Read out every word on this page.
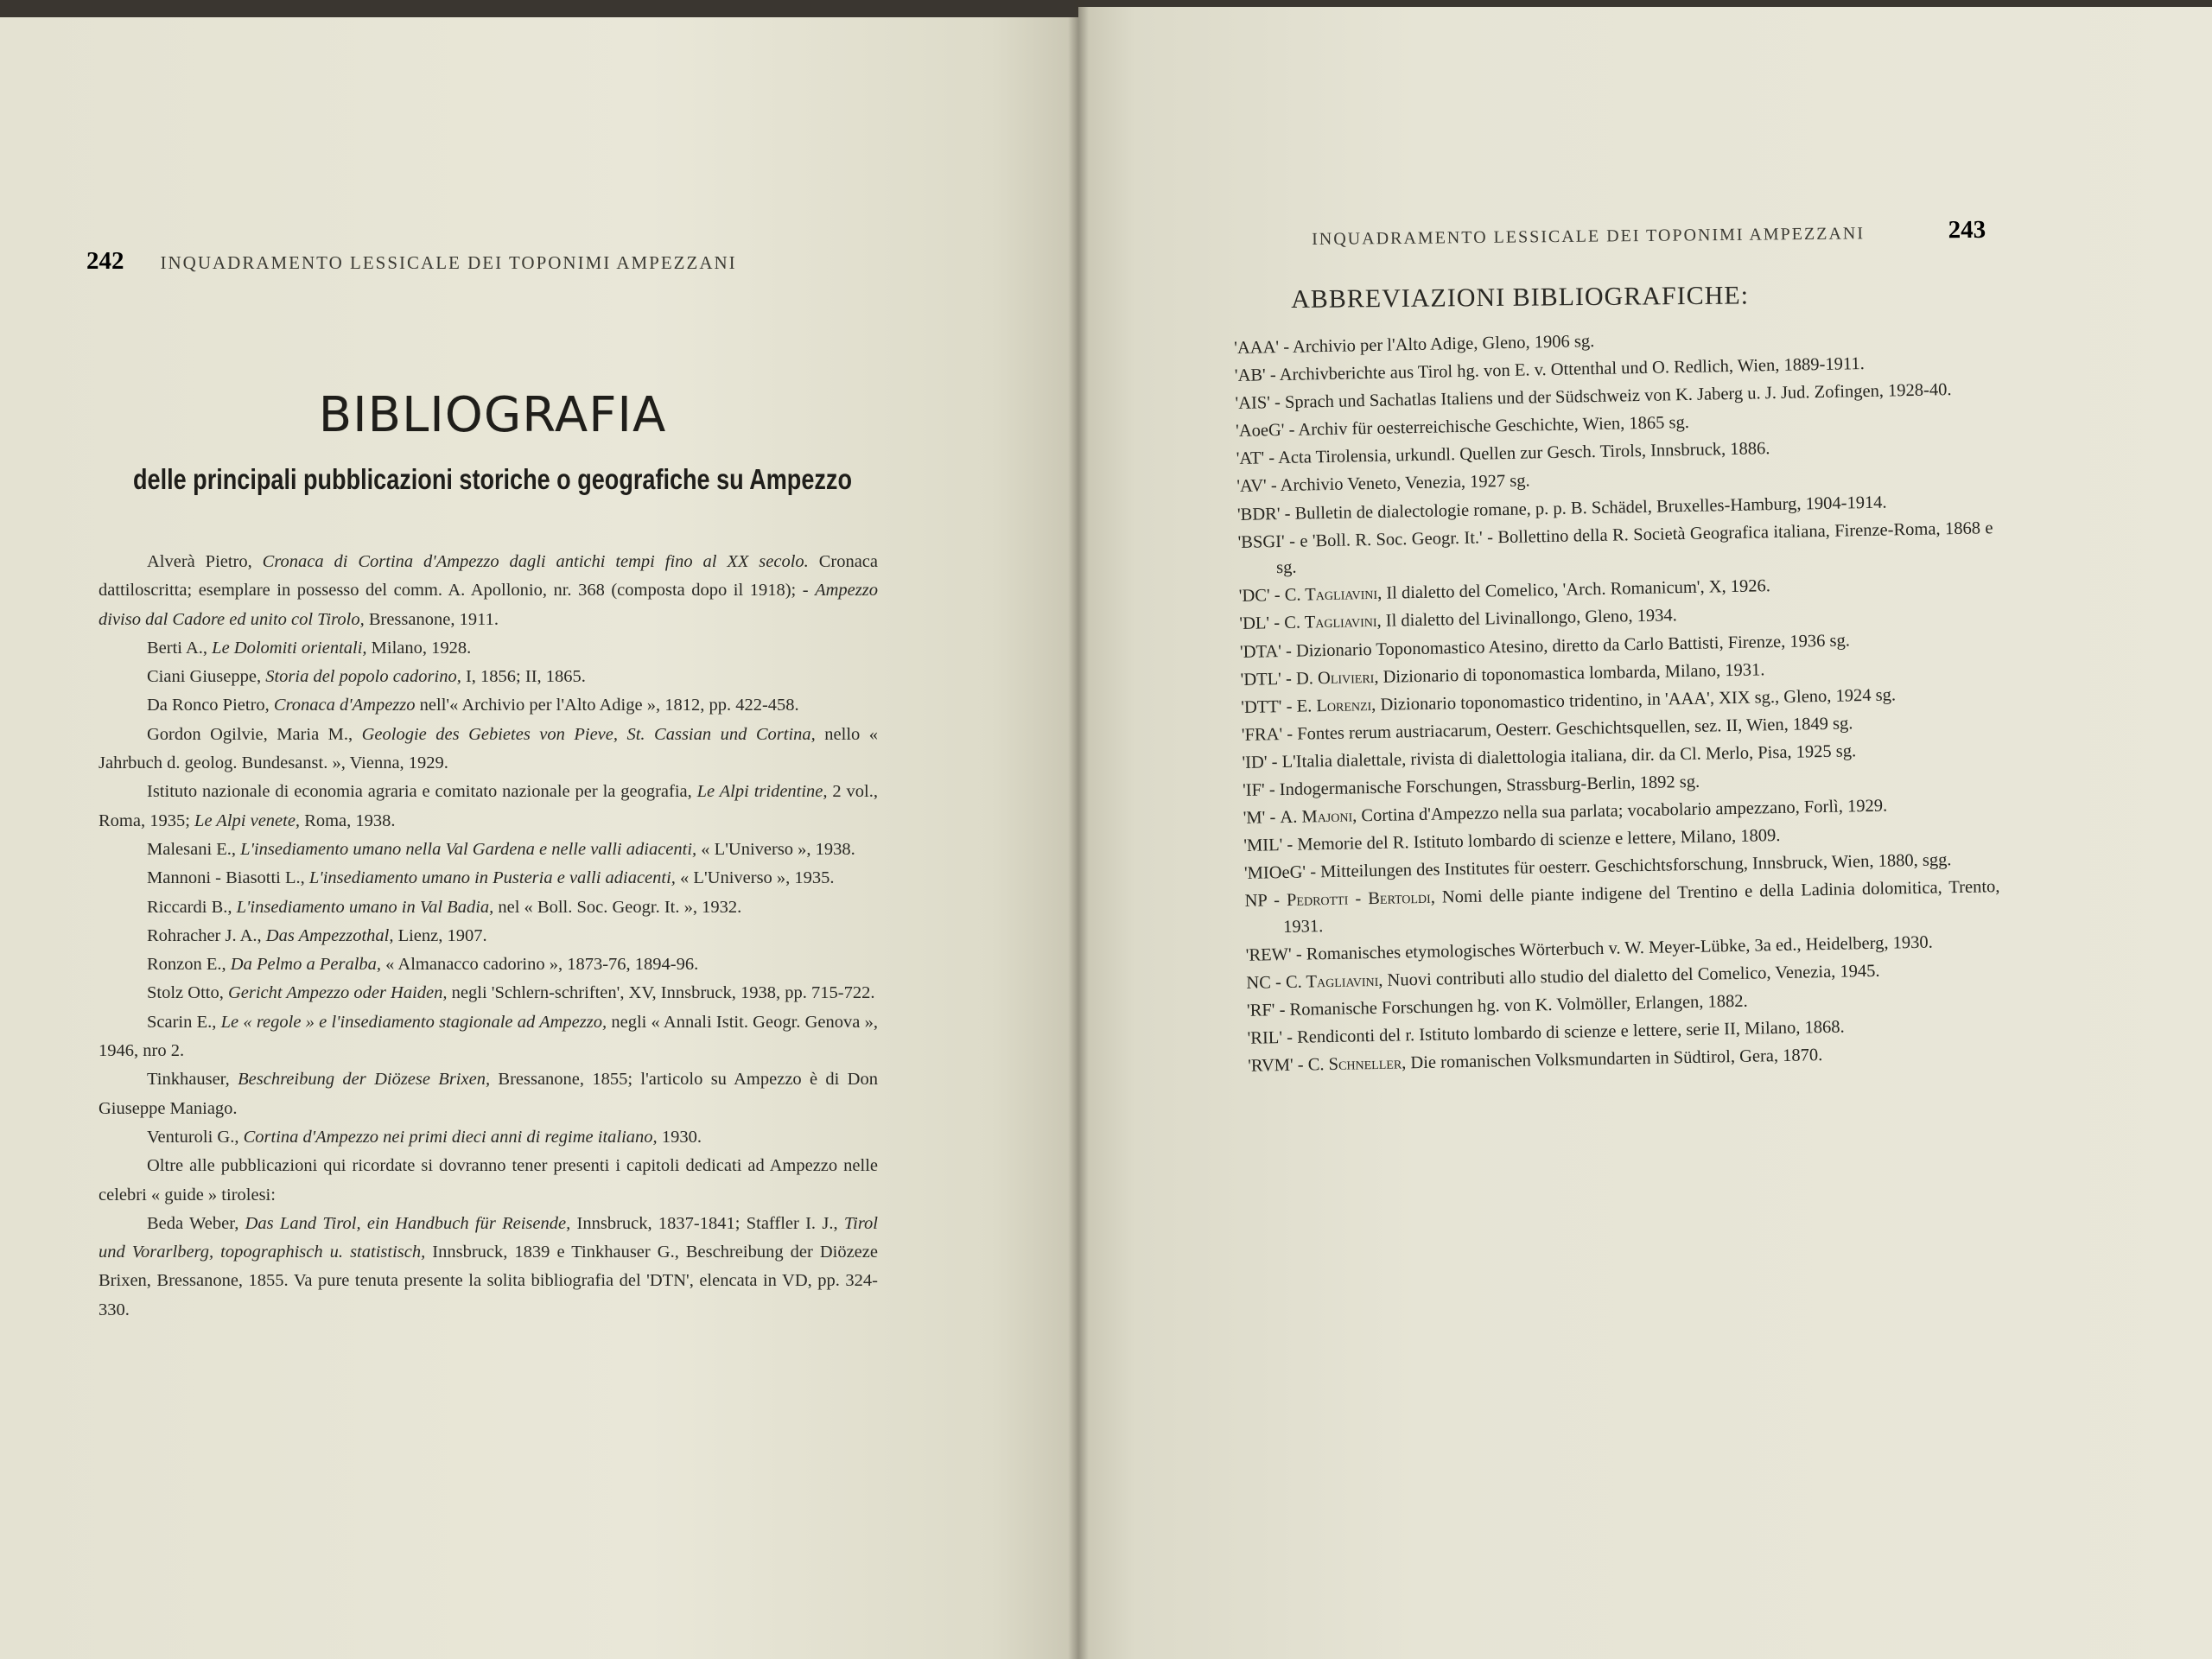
242 INQUADRAMENTO LESSICALE DEI TOPONIMI AMPEZZANI
BIBLIOGRAFIA
delle principali pubblicazioni storiche o geografiche su Ampezzo

Alverà Pietro, Cronaca di Cortina d'Ampezzo dagli antichi tempi fino al XX secolo. Cronaca dattiloscritta; esemplare in possesso del comm. A. Apollonio, nr. 368 (composta dopo il 1918); - Ampezzo diviso dal Cadore ed unito col Tirolo, Bressanone, 1911.

Berti A., Le Dolomiti orientali, Milano, 1928.

Ciani Giuseppe, Storia del popolo cadorino, I, 1856; II, 1865.

Da Ronco Pietro, Cronaca d'Ampezzo nell'« Archivio per l'Alto Adige », 1812, pp. 422-458.

Gordon Ogilvie, Maria M., Geologie des Gebietes von Pieve, St. Cassian und Cortina, nello « Jahrbuch d. geolog. Bundesanst. », Vienna, 1929.

Istituto nazionale di economia agraria e comitato nazionale per la geografia, Le Alpi tridentine, 2 vol., Roma, 1935; Le Alpi venete, Roma, 1938.

Malesani E., L'insediamento umano nella Val Gardena e nelle valli adiacenti, « L'Universo », 1938.

Mannoni - Biasotti L., L'insediamento umano in Pusteria e valli adiacenti, « L'Universo », 1935.

Riccardi B., L'insediamento umano in Val Badia, nel « Boll. Soc. Geogr. It. », 1932.

Rohracher J. A., Das Ampezzothal, Lienz, 1907.

Ronzon E., Da Pelmo a Peralba, « Almanacco cadorino », 1873-76, 1894-96.

Stolz Otto, Gericht Ampezzo oder Haiden, negli 'Schlern-schriften', XV, Innsbruck, 1938, pp. 715-722.

Scarin E., Le « regole » e l'insediamento stagionale ad Ampezzo, negli « Annali Istit. Geogr. Genova », 1946, nro 2.

Tinkhauser, Beschreibung der Diözese Brixen, Bressanone, 1855; l'articolo su Ampezzo è di Don Giuseppe Maniago.

Venturoli G., Cortina d'Ampezzo nei primi dieci anni di regime italiano, 1930.

Oltre alle pubblicazioni qui ricordate si dovranno tener presenti i capitoli dedicati ad Ampezzo nelle celebri « guide » tirolesi:

Beda Weber, Das Land Tirol, ein Handbuch für Reisende, Innsbruck, 1837-1841; Staffler I. J., Tirol und Vorarlberg, topographisch u. statistisch, Innsbruck, 1839 e Tinkhauser G., Beschreibung der Diözeze Brixen, Bressanone, 1855. Va pure tenuta presente la solita bibliografia del 'DTN', elencata in VD, pp. 324-330.

INQUADRAMENTO LESSICALE DEI TOPONIMI AMPEZZANI	243
ABBREVIAZIONI BIBLIOGRAFICHE:

'AAA' - Archivio per l'Alto Adige, Gleno, 1906 sg.

'AB' - Archivberichte aus Tirol hg. von E. v. Ottenthal und O. Redlich, Wien, 1889-1911.

'AIS' - Sprach und Sachatlas Italiens und der Südschweiz von K. Jaberg u. J. Jud. Zofingen, 1928-40.

'AoeG' - Archiv für oesterreichische Geschichte, Wien, 1865 sg.

'AT' - Acta Tirolensia, urkundl. Quellen zur Gesch. Tirols, Innsbruck, 1886.

'AV' - Archivio Veneto, Venezia, 1927 sg.

'BDR' - Bulletin de dialectologie romane, p. p. B. Schädel, Bruxelles-Hamburg, 1904-1914.

'BSGI' - e 'Boll. R. Soc. Geogr. It.' - Bollettino della R. Società Geografica italiana, Firenze-Roma, 1868 e sg.

'DC' - C. Tagliavini, Il dialetto del Comelico, 'Arch. Romanicum', X, 1926.

'DL' - C. Tagliavini, Il dialetto del Livinallongo, Gleno, 1934.

'DTA' - Dizionario Toponomastico Atesino, diretto da Carlo Battisti, Firenze, 1936 sg.

'DTL' - D. Olivieri, Dizionario di toponomastica lombarda, Milano, 1931.

'DTT' - E. Lorenzi, Dizionario toponomastico tridentino, in 'AAA', XIX sg., Gleno, 1924 sg.

'FRA' - Fontes rerum austriacarum, Oesterr. Geschichtsquellen, sez. II, Wien, 1849 sg.

'ID' - L'Italia dialettale, rivista di dialettologia italiana, dir. da Cl. Merlo, Pisa, 1925 sg.

'IF' - Indogermanische Forschungen, Strassburg-Berlin, 1892 sg.

'M' - A. Majoni, Cortina d'Ampezzo nella sua parlata; vocabolario ampezzano, Forlì, 1929.

'MIL' - Memorie del R. Istituto lombardo di scienze e lettere, Milano, 1809.

'MIOeG' - Mitteilungen des Institutes für oesterr. Geschichtsforschung, Innsbruck, Wien, 1880, sgg.

NP - Pedrotti - Bertoldi, Nomi delle piante indigene del Trentino e della Ladinia dolomitica, Trento, 1931.

'REW' - Romanisches etymologisches Wörterbuch v. W. Meyer-Lübke, 3a ed., Heidelberg, 1930.

NC - C. Tagliavini, Nuovi contributi allo studio del dialetto del Comelico, Venezia, 1945.

'RF' - Romanische Forschungen hg. von K. Volmöller, Erlangen, 1882.

'RIL' - Rendiconti del r. Istituto lombardo di scienze e lettere, serie II, Milano, 1868.

'RVM' - C. Schneller, Die romanischen Volksmundarten in Südtirol, Gera, 1870.
